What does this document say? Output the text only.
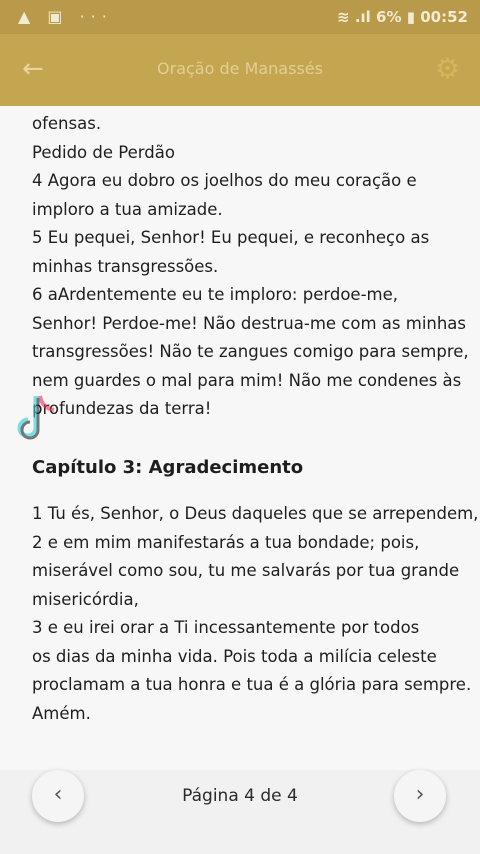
▲ ▣ ···	≋ .ıl 6% ▮ 00:52
←	Oração de Manassés	⚙
ofensas.
Pedido de Perdão
4 Agora eu dobro os joelhos do meu coração e
imploro a tua amizade.
5 Eu pequei, Senhor! Eu pequei, e reconheço as
minhas transgressões.
6 aArdentemente eu te imploro: perdoe-me,
Senhor! Perdoe-me! Não destrua-me com as minhas
transgressões! Não te zangues comigo para sempre,
nem guardes o mal para mim! Não me condenes às
profundezas da terra!
Capítulo 3: Agradecimento
1 Tu és, Senhor, o Deus daqueles que se arrependem,
2 e em mim manifestarás a tua bondade; pois,
miserável como sou, tu me salvarás por tua grande
misericórdia,
3 e eu irei orar a Ti incessantemente por todos
os dias da minha vida. Pois toda a milícia celeste
proclamam a tua honra e tua é a glória para sempre.
Amém.
‹	Página 4 de 4	›
